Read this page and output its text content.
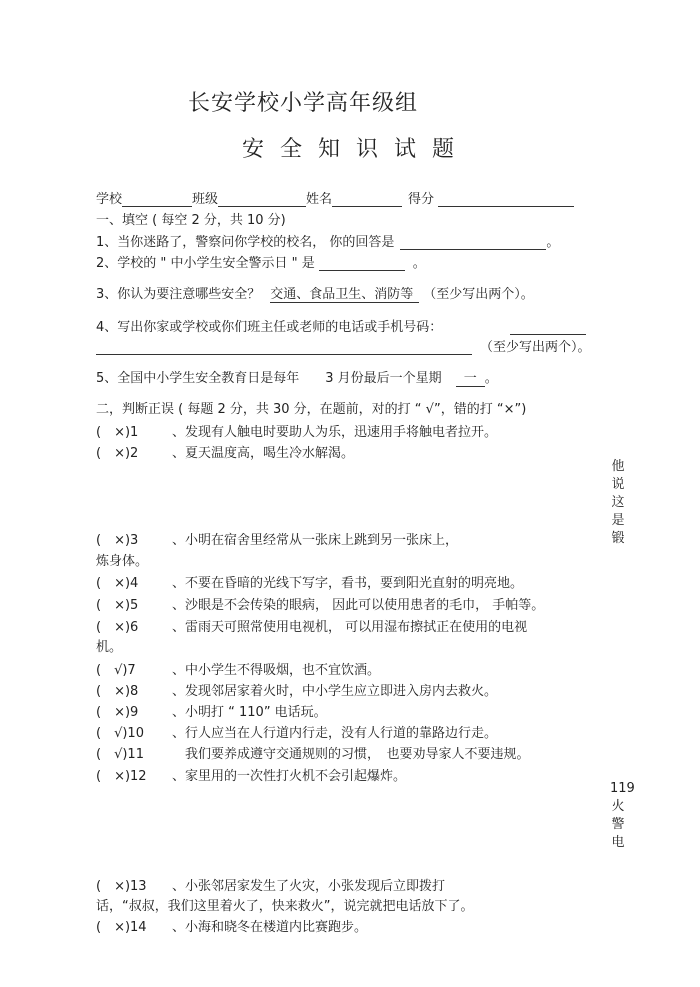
长安学校小学高年级组
安全知识试题
学校	班级	姓名	得分
一、填空 ( 每空 2 分，共 10 分)
1、当你迷路了，警察问你学校的校名， 你的回答是	。
2、学校的 " 中小学生安全警示日 " 是	。
3、你认为要注意哪些安全？ 交通、食品卫生、消防等 （至少写出两个）。
4、写出你家或学校或你们班主任或老师的电话或手机号码：
（至少写出两个）。
5、全国中小学生安全教育日是每年 3 月份最后一个星期 一 。
二，判断正误 ( 每题 2 分，共 30 分，在题前，对的打 “ √”，错的打 “×”)
(　×)1	、发现有人触电时要助人为乐，迅速用手将触电者拉开。
(　×)2	、夏天温度高，喝生冷水解渴。
(　×)3	、小明在宿舍里经常从一张床上跳到另一张床上，
炼身体。
(　×)4	、不要在昏暗的光线下写字，看书，要到阳光直射的明亮地。
(　×)5	、沙眼是不会传染的眼病， 因此可以使用患者的毛巾， 手帕等。
(　×)6	、雷雨天可照常使用电视机， 可以用湿布擦拭正在使用的电视
机。
(　√)7	、中小学生不得吸烟，也不宜饮酒。
(　×)8	、发现邻居家着火时，中小学生应立即进入房内去救火。
(　×)9	、小明打 “ 110” 电话玩。
(　√)10 、行人应当在人行道内行走，没有人行道的靠路边行走。
(　√)11　我们要养成遵守交通规则的习惯，　也要劝导家人不要违规。
(　×)12 、家里用的一次性打火机不会引起爆炸。
(　×)13 、小张邻居家发生了火灾，小张发现后立即拨打
话，“叔叔，我们这里着火了，快来救火”，说完就把电话放下了。
(　×)14 、小海和晓冬在楼道内比赛跑步。
他说这是锻
119火警电
